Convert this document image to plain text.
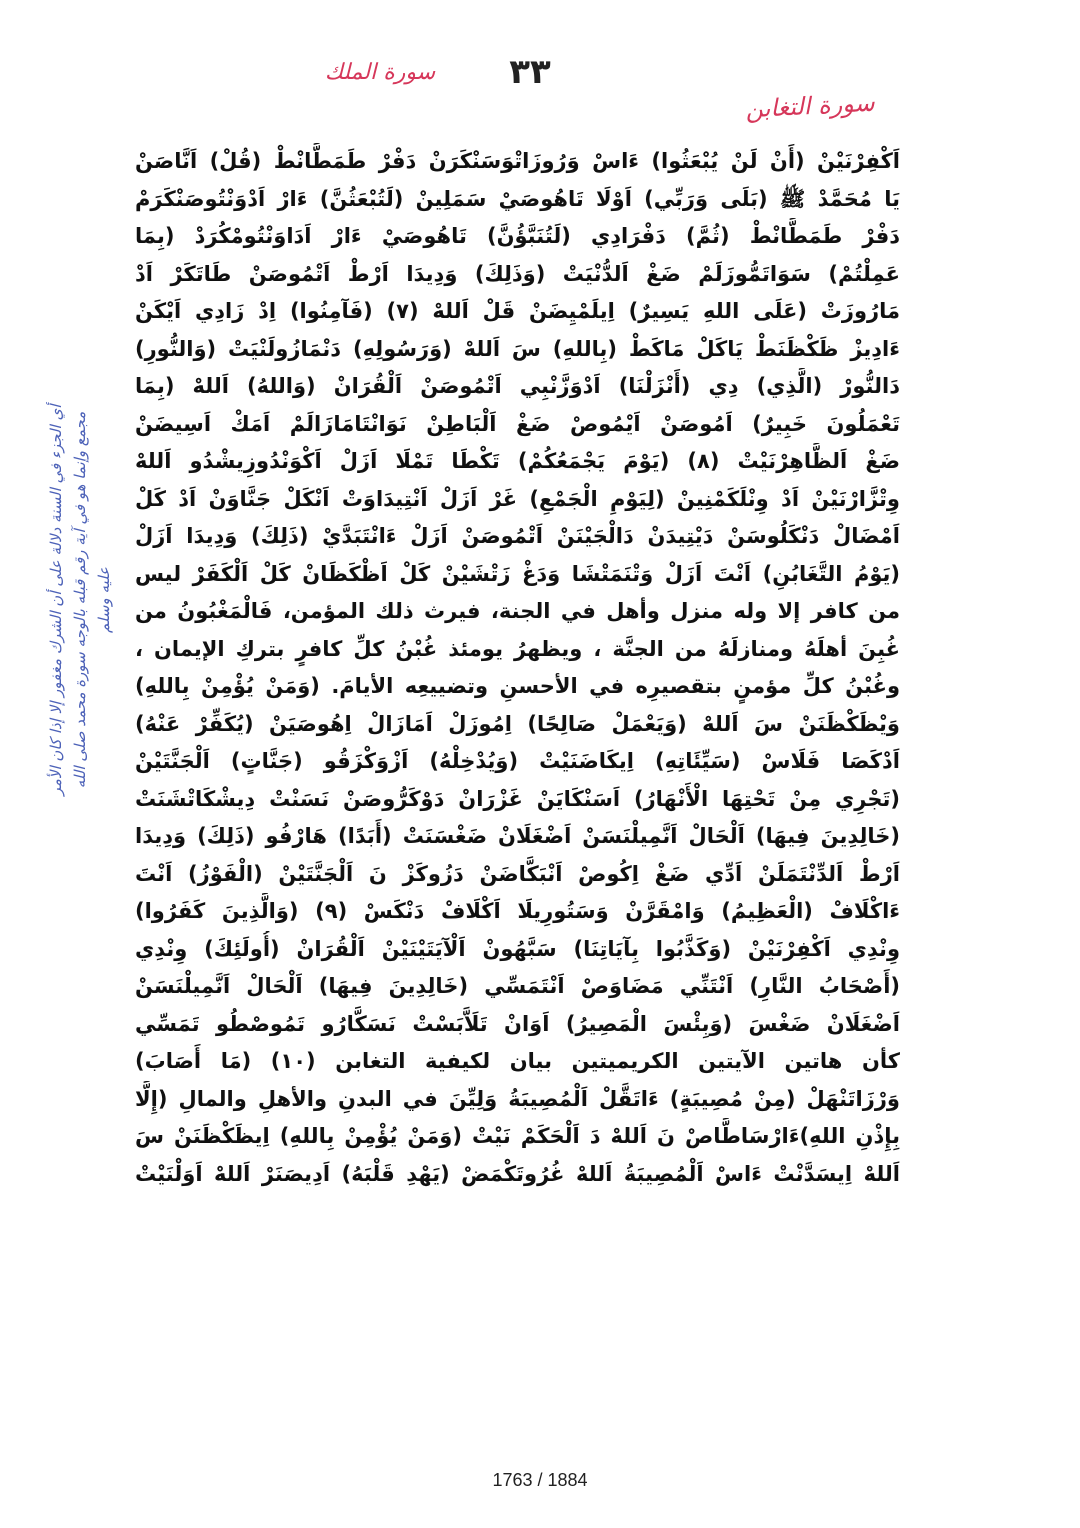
٣٣
سورة الملك
سورة التغابن
أي الجزء في السنة دلالة على أن الشرك مغفور إلا إذا كان الأمر مجمع وإنما هو في آية رقم قبله بالوجه سورة محمد صلى الله عليه وسلم
اَكْفِرْنَيْنْ (أَنْ لَنْ يُبْعَثُوا) ءَاسْ وَرُوزَاتْوَسَنْكَرَنْ دَفْرْ طَمَطَّانْطْ (قُلْ) اَنَّاصَنْ
يَا مُحَمَّدْ ﷺ (بَلَى وَرَبِّي) اَوْلَا تَاهُوصَيْ سَمَلِينْ (لَتُبْعَثُنَّ) ءَارْ اَدْوَنْتُوصَنْكَرَمْ
دَفْرْ طَمَطَّانْطْ (ثُمَّ) دَفْرَادِي (لَتُنَبَّؤُنَّ) تَاهُوصَيْ ءَارْ اَدَاوَنْتُومْكُرَدْ (بِمَا
عَمِلْتُمْ) سَوَاتَمُّوزَلَمْ ضَغْ اَلدُّنْيَتْ (وَذَلِكَ) وَدِيدَا اَرْطْ اَتْمُوصَنْ طَاتَكَرْ اَدْ
مَارُوزَتْ (عَلَى اللهِ يَسِيرٌ) اِيلَمْيِضَنْ قَلْ اَللهْ (٧) (فَآمِنُوا) اِدْ زَادِي اَيْكَنْ
ءَادِيزْ ظَكْظَنَطْ يَاكَلْ مَاكَطْ (بِاللهِ) سَ اَللهْ (وَرَسُولِهِ) دَنْمَازُولَنْيَتْ (وَالنُّورِ)
دَالنُّورْ (الَّذِي) دِي (أَنْزَلْنَا) اَدْوَزَّنْبِي اَتْمُوصَنْ اَلْقُرَانْ (وَاللهُ) اَللهْ (بِمَا
تَعْمَلُونَ خَبِيرٌ) اَمُوصَنْ اَيْمُوصْ ضَغْ اَلْبَاطِنْ نَوَانْتَامَازَالَمْ اَمَكْ اَسِيضَنْ
ضَغْ اَلظَّاهِرْنَيْتْ (٨) (يَوْمَ يَجْمَعُكُمْ) تَكْطَا تَمْلَا اَزَلْ اَكْوَنْدُوزِيشْدُو اَللهْ
وِتْزَّارْنَيْنْ اَدْ وِنْلَكَمْنِينْ (لِيَوْمِ الْجَمْعِ) غَرْ اَزَلْ اَنْتِيدَاوَتْ اَنْكَلْ جَنَّاوَنْ اَدْ كَلْ
اَمْضَالْ دَنْكَلُوسَنْ دَيْتِيدَنْ دَالْجَيْنَنْ اَتْمُوصَنْ اَزَلْ ءَانْتَبَدَّيْ (ذَلِكَ) وَدِيدَا اَزَلْ
(يَوْمُ التَّغَابُنِ) اَنْتَ اَزَلْ وَتْنَمَتْشَا وَدَغْ زَتْشَيْنْ كَلْ اَظْكَظَانْ كَلْ اَلْكَفَرْ ليس
من كافر إلا وله منزل وأهل في الجنة، فيرث ذلك المؤمن، فَالْمَغْبُونُ من
غُبِنَ أهلَهُ ومنازلَهُ من الجنَّة ، ويظهرُ يومئذ غُبْنُ كلِّ كافرٍ بتركِ الإيمان ،
وغُبْنُ كلِّ مؤمنٍ بتقصيرِه في الأحسنِ وتضييعِه الأيامَ. (وَمَنْ يُؤْمِنْ بِاللهِ)
وَيْظَكْظَنَنْ سَ اَللهْ (وَيَعْمَلْ صَالِحًا) اِمُوزَلْ اَمَازَالْ اِهُوصَيَنْ (يُكَفِّرْ عَنْهُ)
اَدْكَصَا فَلَاسْ (سَيِّئَاتِهِ) اِيكَاضَنَيْتْ (وَيُدْخِلْهُ) اَزْوَكْزَقُو (جَنَّاتٍ) اَلْجَنَّتَيْنْ
(تَجْرِي مِنْ تَحْتِهَا الْأَنْهَارُ) اَسَنْكَايَنْ غَزْرَانْ دَوْكَرُّوصَنْ نَسَنْتْ دِيشْكَاتْشَنَتْ
(خَالِدِينَ فِيهَا) اَلْحَالْ اَنَّمِيلْنَسَنْ اَضْغَلَانْ ضَغْسَنَتْ (أَبَدًا) هَارْفُو (ذَلِكَ) وَدِيدَا
اَرْطْ اَلدِّنْتَمَلَنْ اَدِّي ضَغْ اِكُوصْ اَنْبَكَّاضَنْ دَزُوكَزْ نَ اَلْجَنَّتَيْنْ (الْفَوْزُ) اَنْتَ
ءَاكْلَافْ (الْعَظِيمُ) وَامْقَرَّنْ وَسَتُورِيلَا اَكْلَافْ دَنْكَسْ (٩) (وَالَّذِينَ كَفَرُوا)
وِنْدِي اَكْفِرْنَيْنْ (وَكَذَّبُوا بِآيَاتِنَا) سَبَّهُونْ اَلْآيَتَيْنَيْنْ اَلْقُرَانْ (أُولَئِكَ) وِنْدِي
(أَصْحَابُ النَّارِ) اَنْتَنِّي مَضَاوَصْ اَنْتَمَسِّي (خَالِدِينَ فِيهَا) اَلْحَالْ اَنَّمِيلْنَسَنْ
اَضْغَلَانْ ضَغْسَ (وَبِئْسَ الْمَصِيرُ) اَوَانْ تَلَاَّبَسْتْ نَسَكَّارُو تَمُوصْطُو تَمَسِّي
كأن هاتين الآيتين الكريميتين بيان لكيفية التغابن (١٠) (مَا أَصَابَ)
وَرْزَاتَنْهَلْ (مِنْ مُصِيبَةٍ) ءَاتَقَّلْ اَلْمُصِيبَةُ وَلِيِّنَ في البدنِ والأهلِ والمالِ (إِلَّا
بِإِذْنِ اللهِ)ءَارْسَاطَّاصْ نَ اَللهْ دَ اَلْحَكَمْ نَيْتْ (وَمَنْ يُؤْمِنْ بِاللهِ) اِيظَكْظَنَنْ سَ
اَللهْ اِيسَدَّنْتْ ءَاسْ اَلْمُصِيبَةُ اَللهْ غُرُوتَكْمَضْ (يَهْدِ قَلْبَهُ) اَدِيصَنَرْ اَللهْ اَوَلْنَيْتْ
1763 / 1884
